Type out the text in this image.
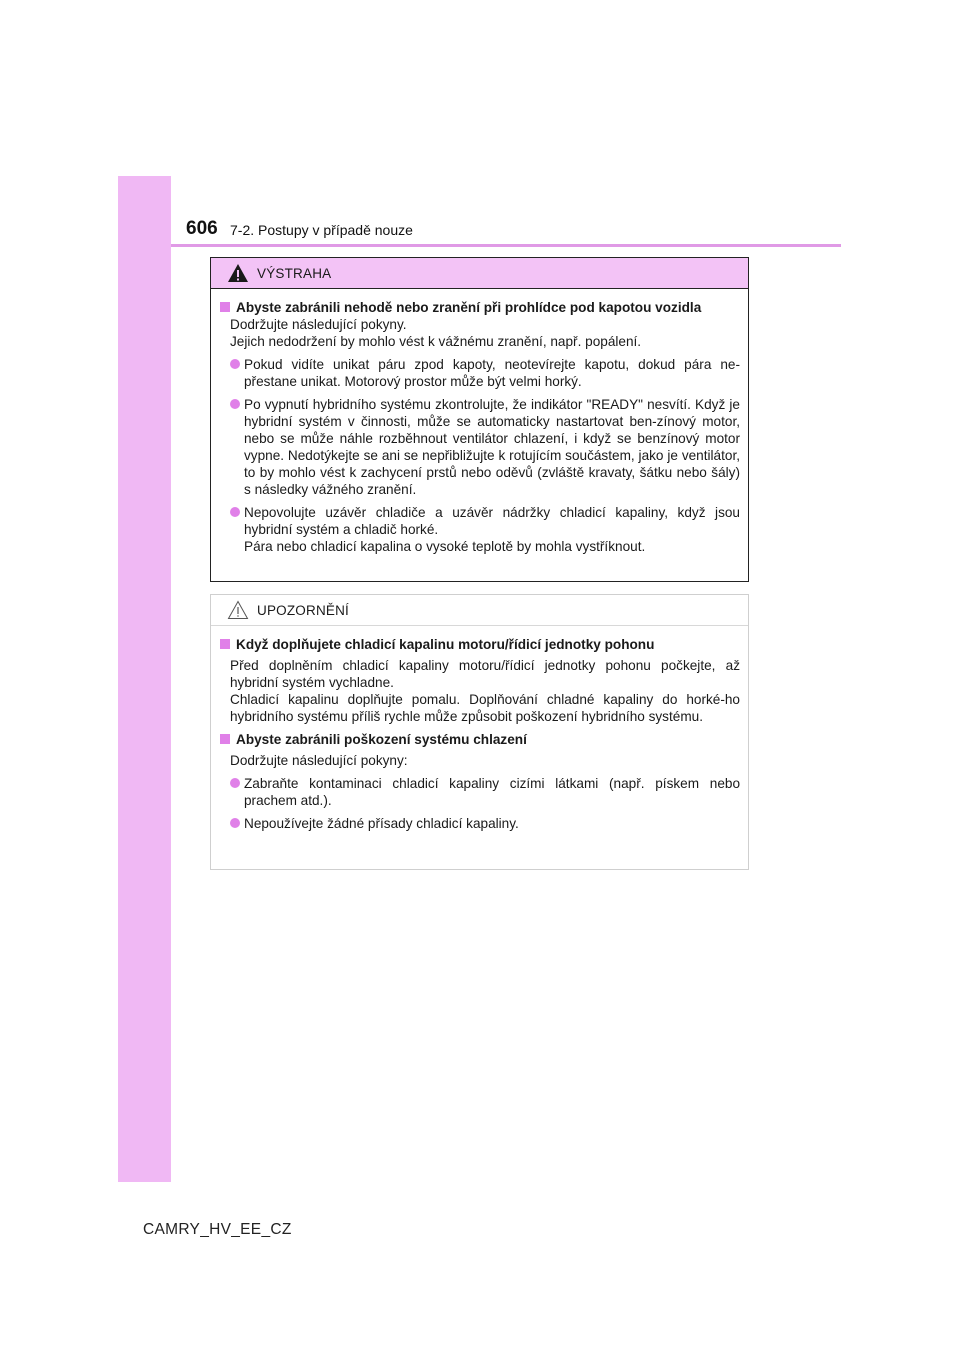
606 7-2. Postupy v případě nouze
VÝSTRAHA
Abyste zabránili nehodě nebo zranění při prohlídce pod kapotou vozidla
Dodržujte následující pokyny.
Jejich nedodržení by mohlo vést k vážnému zranění, např. popálení.
Pokud vidíte unikat páru zpod kapoty, neotevírejte kapotu, dokud pára ne-přestane unikat. Motorový prostor může být velmi horký.
Po vypnutí hybridního systému zkontrolujte, že indikátor "READY" nesvítí. Když je hybridní systém v činnosti, může se automaticky nastartovat ben-zínový motor, nebo se může náhle rozběhnout ventilátor chlazení, i když se benzínový motor vypne. Nedotýkejte se ani se nepřibližujte k rotujícím součástem, jako je ventilátor, to by mohlo vést k zachycení prstů nebo oděvů (zvláště kravaty, šátku nebo šály) s následky vážného zranění.
Nepovolujte uzávěr chladiče a uzávěr nádržky chladicí kapaliny, když jsou hybridní systém a chladič horké.
Pára nebo chladicí kapalina o vysoké teplotě by mohla vystříknout.
UPOZORNĚNÍ
Když doplňujete chladicí kapalinu motoru/řídicí jednotky pohonu
Před doplněním chladicí kapaliny motoru/řídicí jednotky pohonu počkejte, až hybridní systém vychladne.
Chladicí kapalinu doplňujte pomalu. Doplňování chladné kapaliny do horké-ho hybridního systému příliš rychle může způsobit poškození hybridního systému.
Abyste zabránili poškození systému chlazení
Dodržujte následující pokyny:
Zabraňte kontaminaci chladicí kapaliny cizími látkami (např. pískem nebo prachem atd.).
Nepoužívejte žádné přísady chladicí kapaliny.
CAMRY_HV_EE_CZ
